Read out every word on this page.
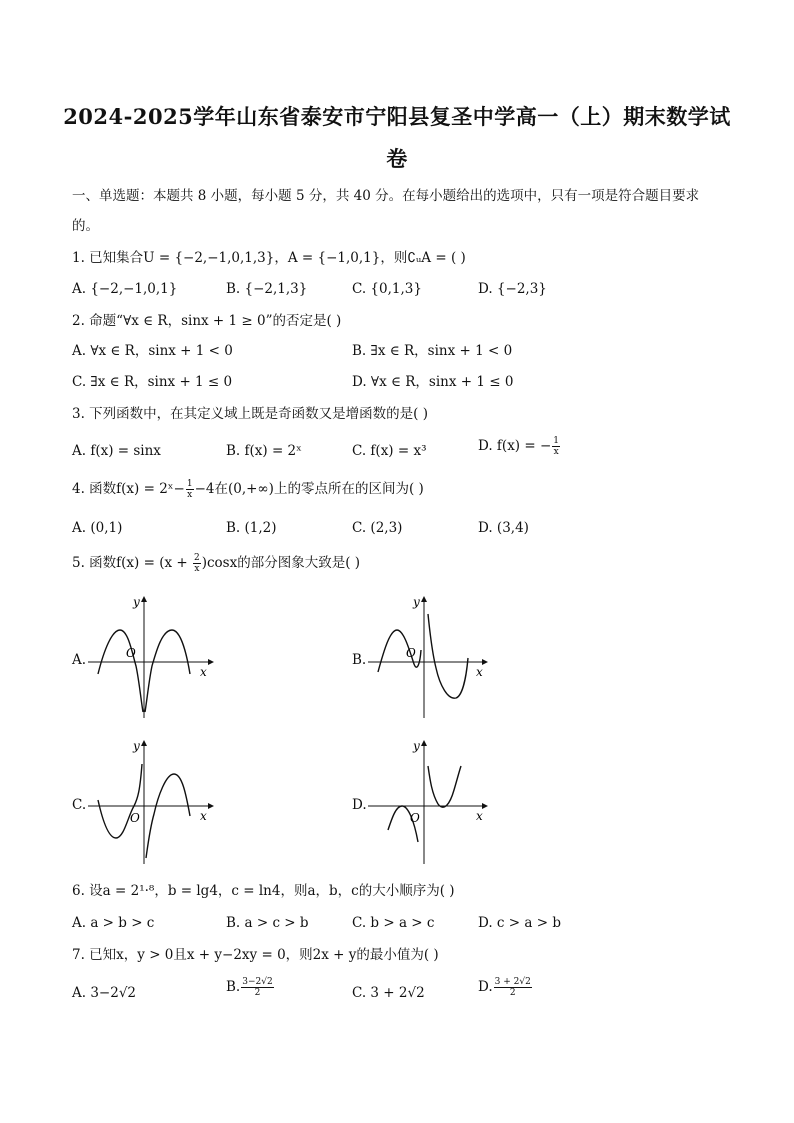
2024-2025学年山东省泰安市宁阳县复圣中学高一（上）期末数学试
卷
一、单选题：本题共 8 小题，每小题 5 分，共 40 分。在每小题给出的选项中，只有一项是符合题目要求
的。
1. 已知集合U = {−2,−1,0,1,3}，A = {−1,0,1}，则∁ᵤA = ( )
A. {−2,−1,0,1}	B. {−2,1,3}	C. {0,1,3}	D. {−2,3}
2. 命题“∀x ∈ R，sinx + 1 ≥ 0”的否定是( )
A. ∀x ∈ R，sinx + 1 < 0	B. ∃x ∈ R，sinx + 1 < 0
C. ∃x ∈ R，sinx + 1 ≤ 0	D. ∀x ∈ R，sinx + 1 ≤ 0
3. 下列函数中，在其定义域上既是奇函数又是增函数的是( )
A. f(x) = sinx	B. f(x) = 2ˣ	C. f(x) = x³	D. f(x) = − $\frac{1}{x}$
4. 函数f(x) = 2ˣ− $\frac{1}{x} -4$在(0,+∞)上的零点所在的区间为( )
A. (0,1)	B. (1,2)	C. (2,3)	D. (3,4)
5. 函数$f(x) = (x + \frac{2}{x} )\cos x$的部分图象大致是( )
A.	O
y
x
B.	O
y
x
C.
O
y
x
D.
O
y
x
6. 设a = 2¹·⁸，b = lg4，c = ln4，则a，b，c的大小顺序为( )
A. a > b > c	B. a > c > b	C. b > a > c	D. c > a > b
7. 已知x，y > 0且x + y−2xy = 0，则2x + y的最小值为( )
A. 3−2√2	B. $\frac{3-2√2}{2}$	C. 3 + 2√2	D. $\frac{3 + 2√2}{2}$
